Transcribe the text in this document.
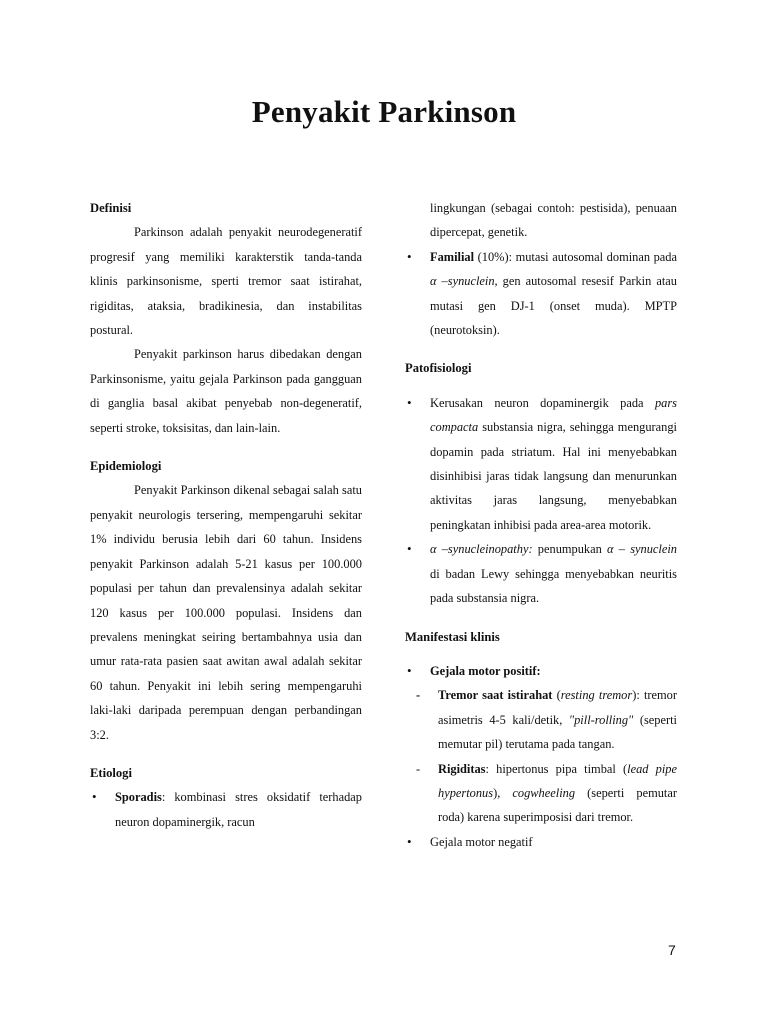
Penyakit Parkinson

Definisi

Parkinson adalah penyakit neurodegeneratif progresif yang memiliki karakterstik tanda-tanda klinis parkinsonisme, sperti tremor saat istirahat, rigiditas, ataksia, bradikinesia, dan instabilitas postural.

Penyakit parkinson harus dibedakan dengan Parkinsonisme, yaitu gejala Parkinson pada gangguan di ganglia basal akibat penyebab non-degeneratif, seperti stroke, toksisitas, dan lain-lain.

Epidemiologi

Penyakit Parkinson dikenal sebagai salah satu penyakit neurologis tersering, mempengaruhi sekitar 1% individu berusia lebih dari 60 tahun. Insidens penyakit Parkinson adalah 5-21 kasus per 100.000 populasi per tahun dan prevalensinya adalah sekitar 120 kasus per 100.000 populasi. Insidens dan prevalens meningkat seiring bertambahnya usia dan umur rata-rata pasien saat awitan awal adalah sekitar 60 tahun. Penyakit ini lebih sering mempengaruhi laki-laki daripada perempuan dengan perbandingan 3:2.

Etiologi

• Sporadis: kombinasi stres oksidatif terhadap neuron dopaminergik, racun

lingkungan (sebagai contoh: pestisida), penuaan dipercepat, genetik.

• Familial (10%): mutasi autosomal dominan pada α –synuclein, gen autosomal resesif Parkin atau mutasi gen DJ-1 (onset muda). MPTP (neurotoksin).

Patofisiologi

• Kerusakan neuron dopaminergik pada pars compacta substansia nigra, sehingga mengurangi dopamin pada striatum. Hal ini menyebabkan disinhibisi jaras tidak langsung dan menurunkan aktivitas jaras langsung, menyebabkan peningkatan inhibisi pada area-area motorik.
• α –synucleinopathy: penumpukan α – synuclein di badan Lewy sehingga menyebabkan neuritis pada substansia nigra.

Manifestasi klinis

• Gejala motor positif:
- Tremor saat istirahat (resting tremor): tremor asimetris 4-5 kali/detik, "pill-rolling" (seperti memutar pil) terutama pada tangan.
- Rigiditas: hipertonus pipa timbal (lead pipe hypertonus), cogwheeling (seperti pemutar roda) karena superimposisi dari tremor.
• Gejala motor negatif
7
